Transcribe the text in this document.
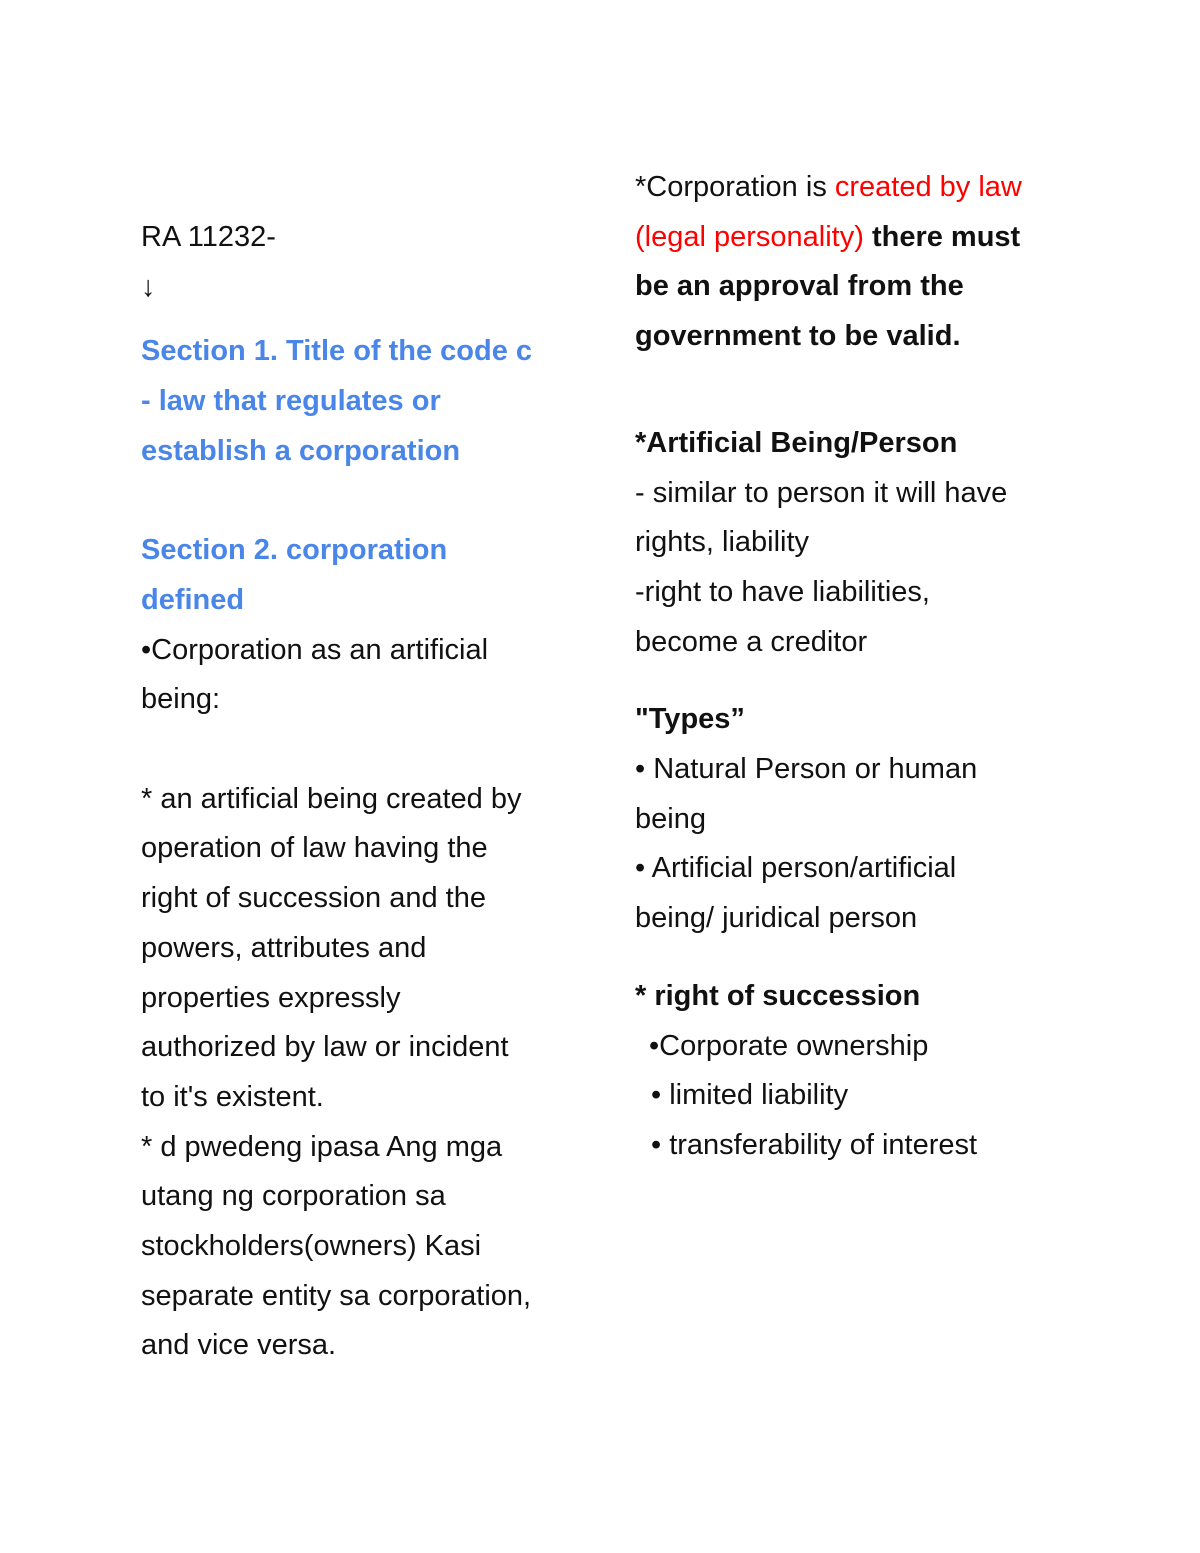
RA 11232-
↓
Section 1. Title of the code c
- law that regulates or
establish a corporation
Section 2. corporation
defined
•Corporation as an artificial
being:
* an artificial being created by
operation of law having the
right of succession and the
powers, attributes and
properties expressly
authorized by law or incident
to it's existent.
* d pwedeng ipasa Ang mga
utang ng corporation sa
stockholders(owners) Kasi
separate entity sa corporation,
and vice versa.
*Corporation is created by law
(legal personality) there must
be an approval from the
government to be valid.
*Artificial Being/Person
- similar to person it will have
rights, liability
-right to have liabilities,
become a creditor
"Types”
• Natural Person or human
being
• Artificial person/artificial
being/ juridical person
* right of succession
•Corporate ownership
• limited liability
• transferability of interest
